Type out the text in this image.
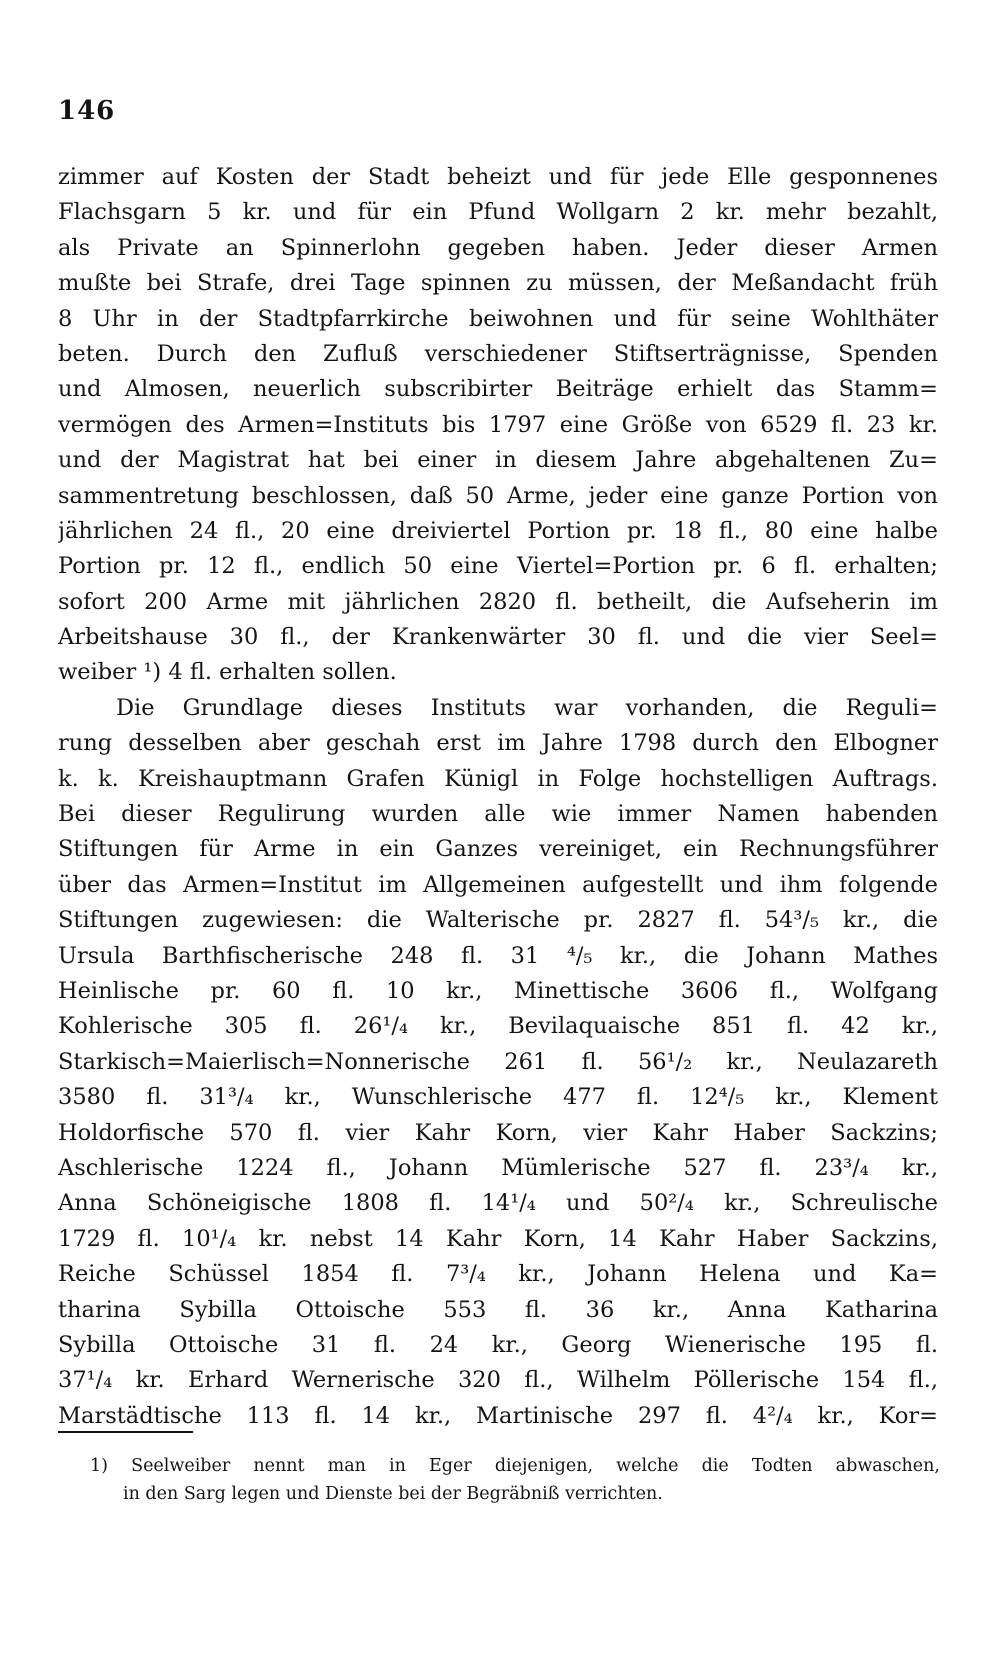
146
zimmer auf Kosten der Stadt beheizt und für jede Elle gesponnenes
Flachsgarn 5 kr. und für ein Pfund Wollgarn 2 kr. mehr bezahlt,
als Private an Spinnerlohn gegeben haben. Jeder dieser Armen
mußte bei Strafe, drei Tage spinnen zu müssen, der Meßandacht früh
8 Uhr in der Stadtpfarrkirche beiwohnen und für seine Wohlthäter
beten. Durch den Zufluß verschiedener Stiftserträgnisse, Spenden
und Almosen, neuerlich subscribirter Beiträge erhielt das Stamm=
vermögen des Armen=Instituts bis 1797 eine Größe von 6529 fl. 23 kr.
und der Magistrat hat bei einer in diesem Jahre abgehaltenen Zu=
sammentretung beschlossen, daß 50 Arme, jeder eine ganze Portion von
jährlichen 24 fl., 20 eine dreiviertel Portion pr. 18 fl., 80 eine halbe
Portion pr. 12 fl., endlich 50 eine Viertel=Portion pr. 6 fl. erhalten;
sofort 200 Arme mit jährlichen 2820 fl. betheilt, die Aufseherin im
Arbeitshause 30 fl., der Krankenwärter 30 fl. und die vier Seel=
weiber ¹) 4 fl. erhalten sollen.
Die Grundlage dieses Instituts war vorhanden, die Reguli=
rung desselben aber geschah erst im Jahre 1798 durch den Elbogner
k. k. Kreishauptmann Grafen Künigl in Folge hochstelligen Auftrags.
Bei dieser Regulirung wurden alle wie immer Namen habenden
Stiftungen für Arme in ein Ganzes vereiniget, ein Rechnungsführer
über das Armen=Institut im Allgemeinen aufgestellt und ihm folgende
Stiftungen zugewiesen: die Walterische pr. 2827 fl. 54³/₅ kr., die
Ursula Barthfischerische 248 fl. 31 ⁴/₅ kr., die Johann Mathes
Heinlische pr. 60 fl. 10 kr., Minettische 3606 fl., Wolfgang
Kohlerische 305 fl. 26¹/₄ kr., Bevilaquaische 851 fl. 42 kr.,
Starkisch=Maierlisch=Nonnerische 261 fl. 56¹/₂ kr., Neulazareth
3580 fl. 31³/₄ kr., Wunschlerische 477 fl. 12⁴/₅ kr., Klement
Holdorfische 570 fl. vier Kahr Korn, vier Kahr Haber Sackzins;
Aschlerische 1224 fl., Johann Mümlerische 527 fl. 23³/₄ kr.,
Anna Schöneigische 1808 fl. 14¹/₄ und 50²/₄ kr., Schreulische
1729 fl. 10¹/₄ kr. nebst 14 Kahr Korn, 14 Kahr Haber Sackzins,
Reiche Schüssel 1854 fl. 7³/₄ kr., Johann Helena und Ka=
tharina Sybilla Ottoische 553 fl. 36 kr., Anna Katharina
Sybilla Ottoische 31 fl. 24 kr., Georg Wienerische 195 fl.
37¹/₄ kr. Erhard Wernerische 320 fl., Wilhelm Pöllerische 154 fl.,
Marstädtische 113 fl. 14 kr., Martinische 297 fl. 4²/₄ kr., Kor=
1) Seelweiber nennt man in Eger diejenigen, welche die Todten abwaschen,
in den Sarg legen und Dienste bei der Begräbniß verrichten.
